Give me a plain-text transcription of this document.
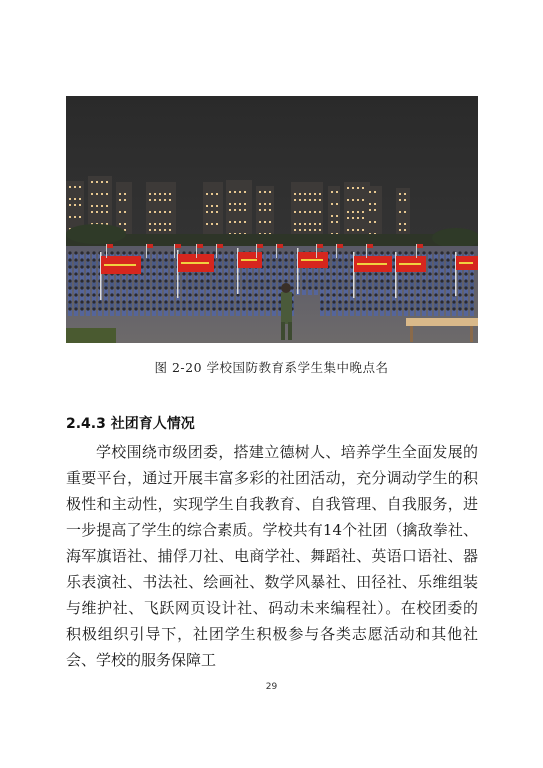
图 2-20 学校国防教育系学生集中晚点名
2.4.3 社团育人情况

学校围绕市级团委，搭建立德树人、培养学生全面发展的重要平台，通过开展丰富多彩的社团活动，充分调动学生的积极性和主动性，实现学生自我教育、自我管理、自我服务，进一步提高了学生的综合素质。学校共有14个社团（擒敌拳社、海军旗语社、捕俘刀社、电商学社、舞蹈社、英语口语社、器乐表演社、书法社、绘画社、数学风暴社、田径社、乐维组装与维护社、飞跃网页设计社、码动未来编程社）。在校团委的积极组织引导下，社团学生积极参与各类志愿活动和其他社会、学校的服务保障工

29
